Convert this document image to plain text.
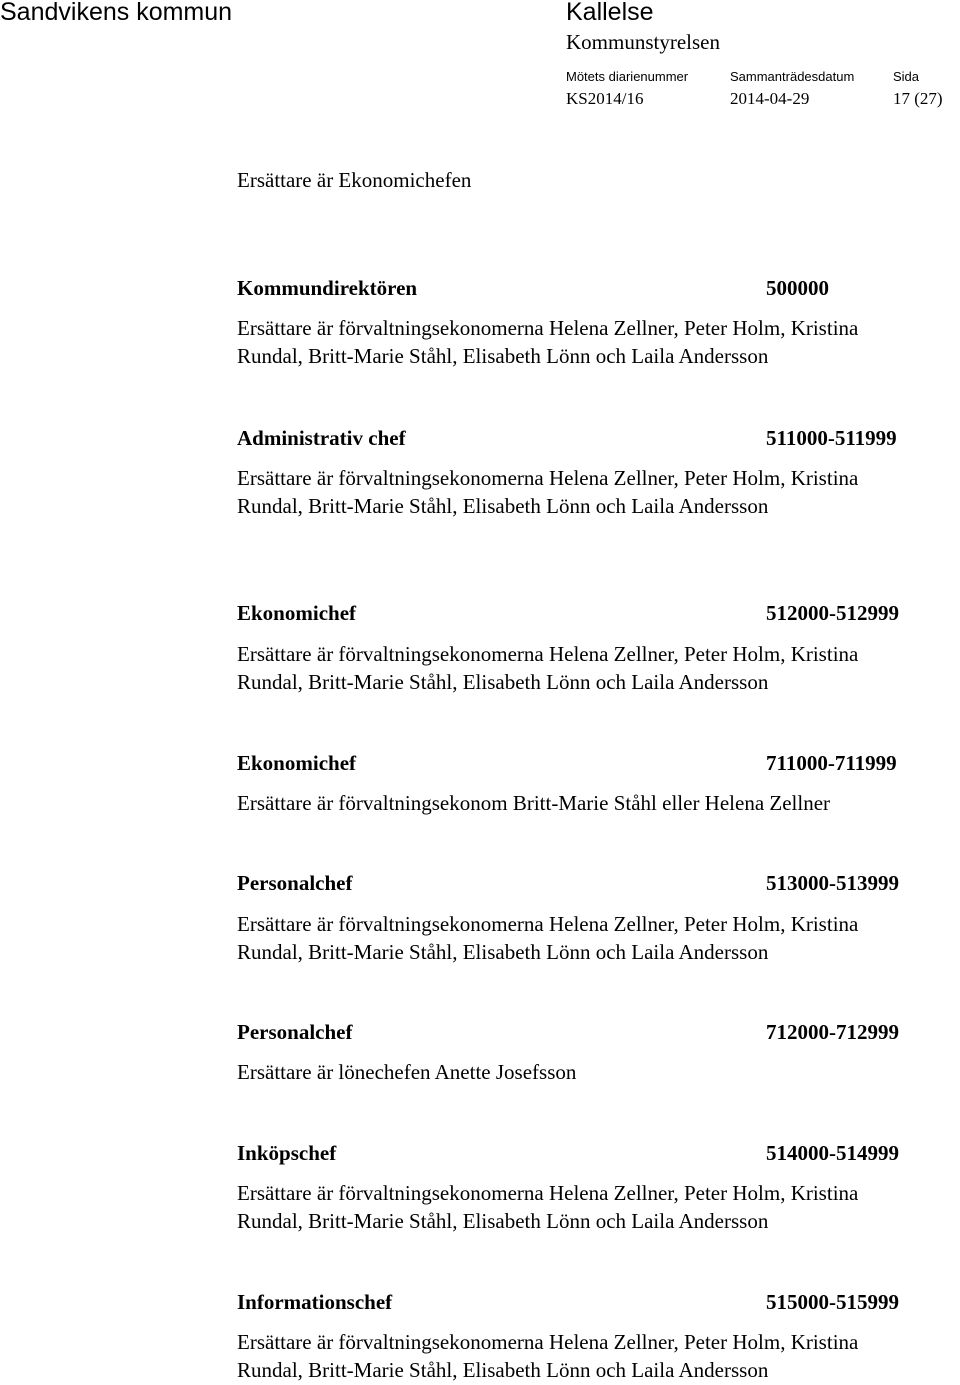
Sandvikens kommun	Kallelse
Kommunstyrelsen
Mötets diarienummer	Sammanträdesdatum	Sida
KS2014/16	2014-04-29	17 (27)
Ersättare är Ekonomichefen
Kommundirektören	500000
Ersättare är förvaltningsekonomerna Helena Zellner, Peter Holm, Kristina
Rundal, Britt-Marie Ståhl, Elisabeth Lönn och Laila Andersson
Administrativ chef	511000-511999
Ersättare är förvaltningsekonomerna Helena Zellner, Peter Holm, Kristina
Rundal, Britt-Marie Ståhl, Elisabeth Lönn och Laila Andersson
Ekonomichef	512000-512999
Ersättare är förvaltningsekonomerna Helena Zellner, Peter Holm, Kristina
Rundal, Britt-Marie Ståhl, Elisabeth Lönn och Laila Andersson
Ekonomichef	711000-711999
Ersättare är förvaltningsekonom Britt-Marie Ståhl eller Helena Zellner
Personalchef	513000-513999
Ersättare är förvaltningsekonomerna Helena Zellner, Peter Holm, Kristina
Rundal, Britt-Marie Ståhl, Elisabeth Lönn och Laila Andersson
Personalchef	712000-712999
Ersättare är lönechefen Anette Josefsson
Inköpschef	514000-514999
Ersättare är förvaltningsekonomerna Helena Zellner, Peter Holm, Kristina
Rundal, Britt-Marie Ståhl, Elisabeth Lönn och Laila Andersson
Informationschef	515000-515999
Ersättare är förvaltningsekonomerna Helena Zellner, Peter Holm, Kristina
Rundal, Britt-Marie Ståhl, Elisabeth Lönn och Laila Andersson
